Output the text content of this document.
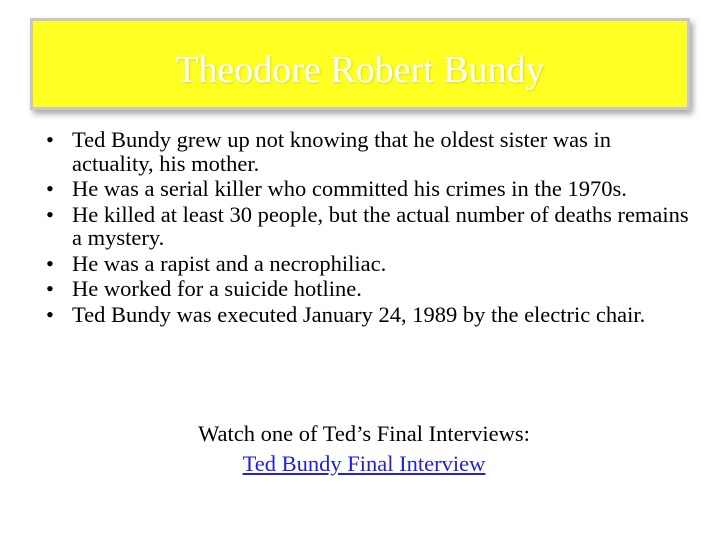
Theodore Robert Bundy
• Ted Bundy grew up not knowing that he oldest sister was in actuality, his mother.
• He was a serial killer who committed his crimes in the 1970s.
• He killed at least 30 people, but the actual number of deaths remains a mystery.
• He was a rapist and a necrophiliac.
• He worked for a suicide hotline.
• Ted Bundy was executed January 24, 1989 by the electric chair.
Watch one of Ted’s Final Interviews:
Ted Bundy Final Interview
